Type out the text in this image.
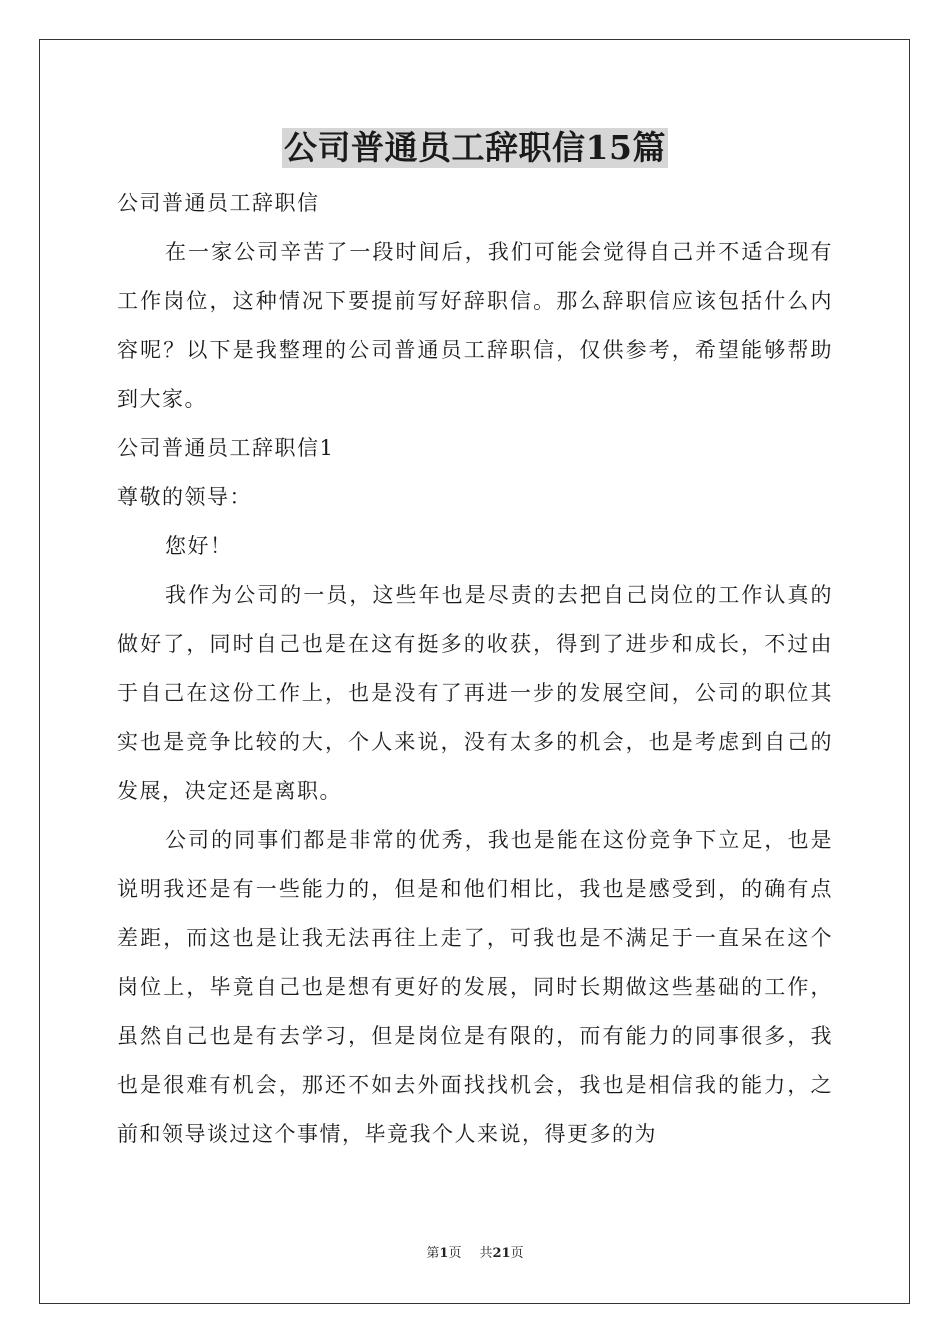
公司普通员工辞职信15篇

公司普通员工辞职信

在一家公司辛苦了一段时间后，我们可能会觉得自己并不适合现有工作岗位，这种情况下要提前写好辞职信。那么辞职信应该包括什么内容呢？以下是我整理的公司普通员工辞职信，仅供参考，希望能够帮助到大家。

公司普通员工辞职信1

尊敬的领导：

您好！

我作为公司的一员，这些年也是尽责的去把自己岗位的工作认真的做好了，同时自己也是在这有挺多的收获，得到了进步和成长，不过由于自己在这份工作上，也是没有了再进一步的发展空间，公司的职位其实也是竞争比较的大，个人来说，没有太多的机会，也是考虑到自己的发展，决定还是离职。

公司的同事们都是非常的优秀，我也是能在这份竞争下立足，也是说明我还是有一些能力的，但是和他们相比，我也是感受到，的确有点差距，而这也是让我无法再往上走了，可我也是不满足于一直呆在这个岗位上，毕竟自己也是想有更好的发展，同时长期做这些基础的工作，虽然自己也是有去学习，但是岗位是有限的，而有能力的同事很多，我也是很难有机会，那还不如去外面找找机会，我也是相信我的能力，之前和领导谈过这个事情，毕竟我个人来说，得更多的为

第1页 共21页
